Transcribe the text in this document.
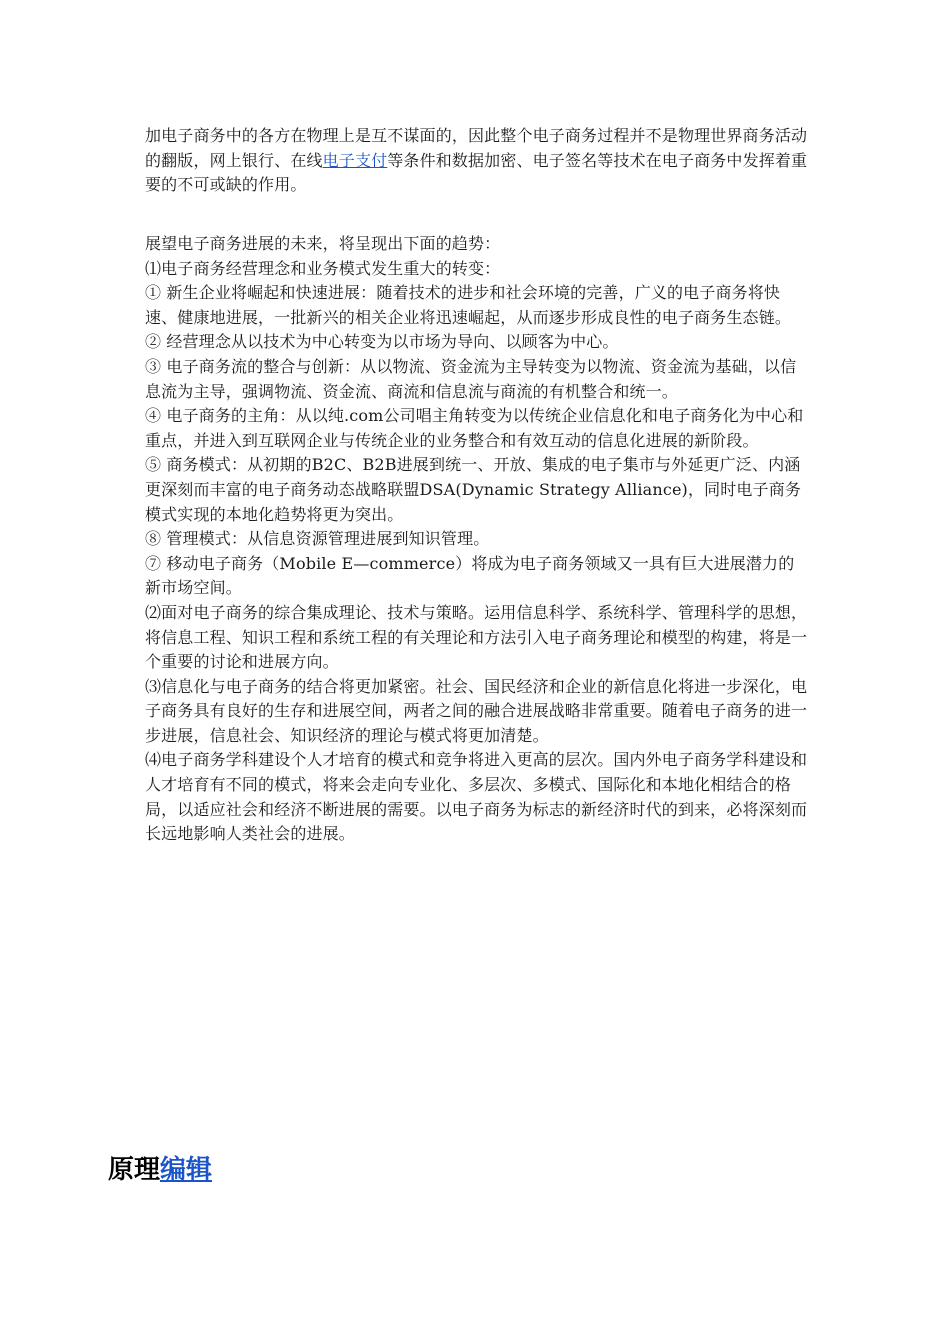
加电子商务中的各方在物理上是互不谋面的，因此整个电子商务过程并不是物理世界商务活动的翻版，网上银行、在线电子支付等条件和数据加密、电子签名等技术在电子商务中发挥着重要的不可或缺的作用。

展望电子商务进展的未来，将呈现出下面的趋势：

⑴电子商务经营理念和业务模式发生重大的转变：

① 新生企业将崛起和快速进展：随着技术的进步和社会环境的完善，广义的电子商务将快速、健康地进展，一批新兴的相关企业将迅速崛起，从而逐步形成良性的电子商务生态链。

② 经营理念从以技术为中心转变为以市场为导向、以顾客为中心。

③ 电子商务流的整合与创新：从以物流、资金流为主导转变为以物流、资金流为基础，以信息流为主导，强调物流、资金流、商流和信息流与商流的有机整合和统一。

④ 电子商务的主角：从以纯.com公司唱主角转变为以传统企业信息化和电子商务化为中心和重点，并进入到互联网企业与传统企业的业务整合和有效互动的信息化进展的新阶段。

⑤ 商务模式：从初期的B2C、B2B进展到统一、开放、集成的电子集市与外延更广泛、内涵更深刻而丰富的电子商务动态战略联盟DSA(Dynamic Strategy Alliance)，同时电子商务模式实现的本地化趋势将更为突出。

⑧ 管理模式：从信息资源管理进展到知识管理。

⑦ 移动电子商务（Mobile E—commerce）将成为电子商务领域又一具有巨大进展潜力的新市场空间。

⑵面对电子商务的综合集成理论、技术与策略。运用信息科学、系统科学、管理科学的思想，将信息工程、知识工程和系统工程的有关理论和方法引入电子商务理论和模型的构建，将是一个重要的讨论和进展方向。

⑶信息化与电子商务的结合将更加紧密。社会、国民经济和企业的新信息化将进一步深化，电子商务具有良好的生存和进展空间，两者之间的融合进展战略非常重要。随着电子商务的进一步进展，信息社会、知识经济的理论与模式将更加清楚。

⑷电子商务学科建设个人才培育的模式和竞争将进入更高的层次。国内外电子商务学科建设和人才培育有不同的模式，将来会走向专业化、多层次、多模式、国际化和本地化相结合的格局，以适应社会和经济不断进展的需要。以电子商务为标志的新经济时代的到来，必将深刻而长远地影响人类社会的进展。

原理编辑
